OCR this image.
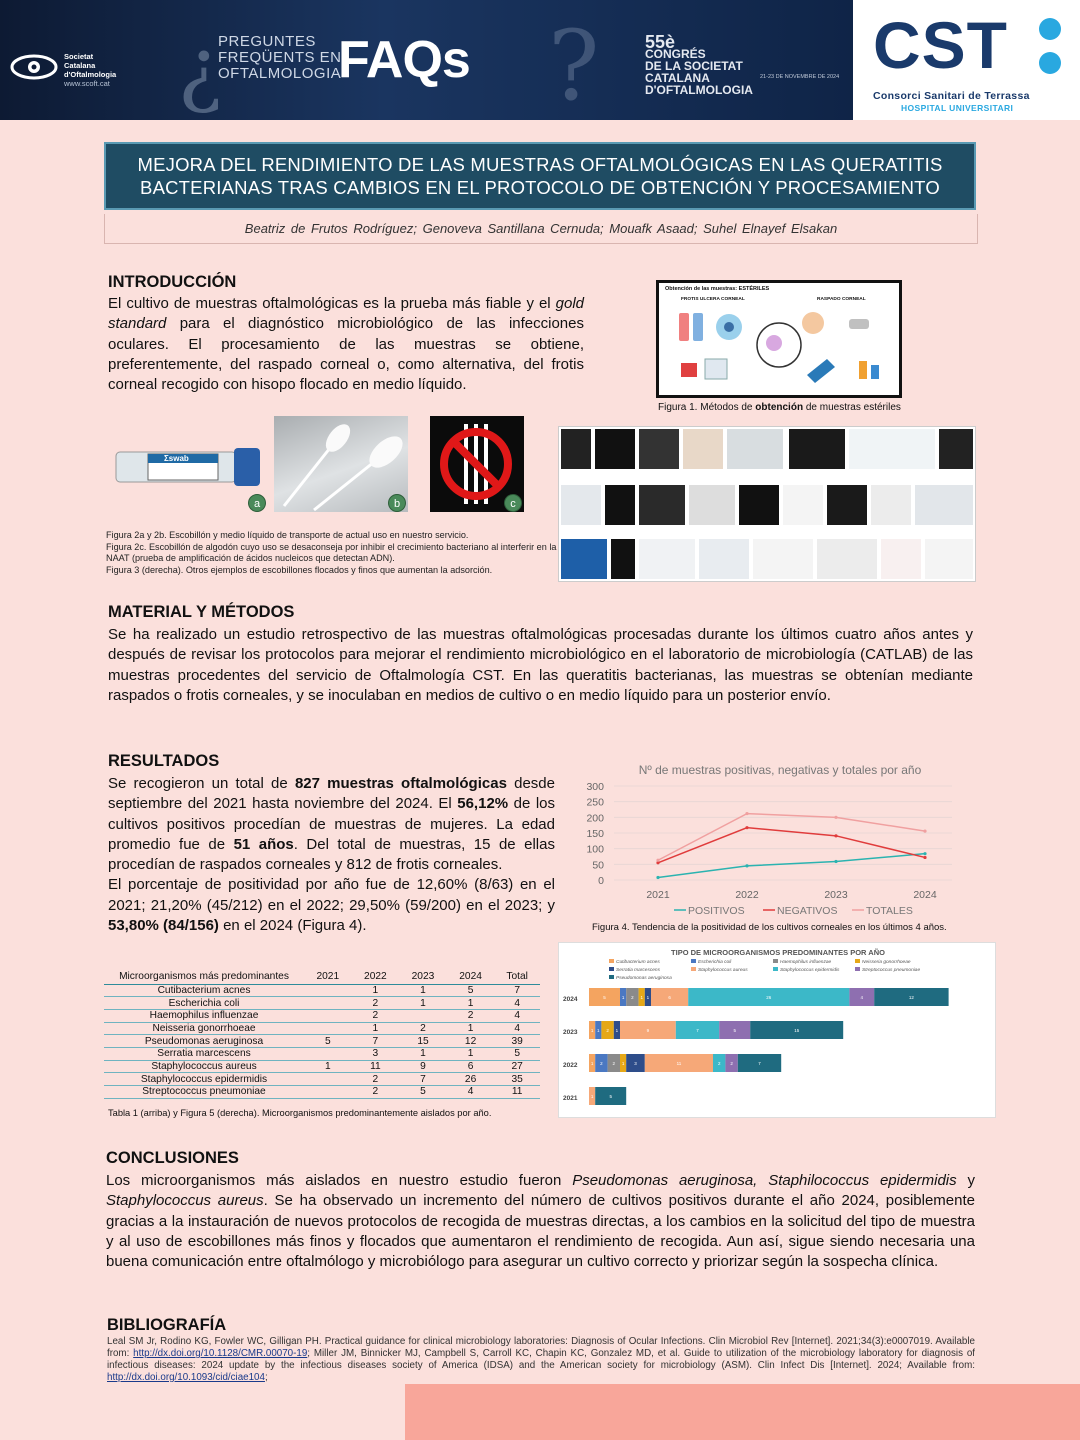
Societat
Catalana
d'Oftalmologia
www.scoft.cat ¿
PREGUNTES
FREQÜENTS EN
OFTALMOLOGIA
FAQs ?	55è
CONGRÉS
DE LA SOCIETAT
CATALANA
D'OFTALMOLOGIA
21-23 DE NOVEMBRE DE 2024 CST
Consorci Sanitari de Terrassa
HOSPITAL UNIVERSITARI
MEJORA DEL RENDIMIENTO DE LAS MUESTRAS OFTALMOLÓGICAS EN LAS QUERATITIS
BACTERIANAS TRAS CAMBIOS EN EL PROTOCOLO DE OBTENCIÓN Y PROCESAMIENTO
Beatriz de Frutos Rodríguez; Genoveva Santillana Cernuda; Mouafk Asaad; Suhel Elnayef Elsakan
INTRODUCCIÓN
El cultivo de muestras oftalmológicas es la prueba más fiable y el gold standard para el diagnóstico microbiológico de las infecciones oculares. El procesamiento de las muestras se obtiene, preferentemente, del raspado corneal o, como alternativa, del frotis corneal recogido con hisopo flocado en medio líquido.
Obtención de las muestras: ESTÉRILES
FROTIS ULCERA CORNEAL	RASPADO CORNEAL
Figura 1. Métodos de obtención de muestras estériles
Σswab
a	b	c
Figura 2a y 2b. Escobillón y medio líquido de transporte de actual uso en nuestro servicio.
Figura 2c. Escobillón de algodón cuyo uso se desaconseja por inhibir el crecimiento bacteriano al interferir en la NAAT (prueba de amplificación de ácidos nucleicos que detectan ADN).
Figura 3 (derecha). Otros ejemplos de escobillones flocados y finos que aumentan la adsorción.
MATERIAL Y MÉTODOS
Se ha realizado un estudio retrospectivo de las muestras oftalmológicas procesadas durante los últimos cuatro años antes y después de revisar los protocolos para mejorar el rendimiento microbiológico en el laboratorio de microbiología (CATLAB) de las muestras procedentes del servicio de Oftalmología CST. En las queratitis bacterianas, las muestras se obtenían mediante raspados o frotis corneales, y se inoculaban en medios de cultivo o en medio líquido para un posterior envío.
RESULTADOS
Se recogieron un total de 827 muestras oftalmológicas desde septiembre del 2021 hasta noviembre del 2024. El 56,12% de los cultivos positivos procedían de muestras de mujeres. La edad promedio fue de 51 años. Del total de muestras, 15 de ellas procedían de raspados corneales y 812 de frotis corneales.
El porcentaje de positividad por año fue de 12,60% (8/63) en el 2021; 21,20% (45/212) en el 2022; 29,50% (59/200) en el 2023; y 53,80% (84/156) en el 2024 (Figura 4).
Nº de muestras positivas, negativas y totales por año
0
50
100
150
200
250
300
2021	2022	2023	2024
POSITIVOS	NEGATIVOS	TOTALES
Figura 4. Tendencia de la positividad de los cultivos corneales en los últimos 4 años.
Microorganismos más predominantes	2021	2022	2023	2024	Total
Cutibacterium acnes		1	1	5	7
Escherichia coli		2	1	1	4
Haemophilus influenzae		2		2	4
Neisseria gonorrhoeae		1	2	1	4
Pseudomonas aeruginosa	5	7	15	12	39
Serratia marcescens		3	1	1	5
Staphylococcus aureus	1	11	9	6	27
Staphylococcus epidermidis		2	7	26	35
Streptococcus pneumoniae		2	5	4	11
Tabla 1 (arriba) y Figura 5 (derecha). Microorganismos predominantemente aislados por año.
TIPO DE MICROORGANISMOS PREDOMINANTES POR AÑO
Cutibacterium acnes	Escherichia coli	Haemophilus influenzae	Neisseria gonorrhoeae
Serratia marcescens	Staphylococcus aureus	Staphylococcus epidermidis	Streptococcus pneumoniae
Pseudomonas aeruginosa
2024	5	1 2 1 1	6	26	4	12
2023	1 1 2 1	9	7	5	15
2022	1 2 2 1 3	11	2 2	7
2021	1	5
CONCLUSIONES
Los microorganismos más aislados en nuestro estudio fueron Pseudomonas aeruginosa, Staphilococcus epidermidis y Staphylococcus aureus. Se ha observado un incremento del número de cultivos positivos durante el año 2024, posiblemente gracias a la instauración de nuevos protocolos de recogida de muestras directas, a los cambios en la solicitud del tipo de muestra y al uso de escobillones más finos y flocados que aumentaron el rendimiento de recogida. Aun así, sigue siendo necesaria una buena comunicación entre oftalmólogo y microbiólogo para asegurar un cultivo correcto y priorizar según la sospecha clínica.
BIBLIOGRAFÍA
Leal SM Jr, Rodino KG, Fowler WC, Gilligan PH. Practical guidance for clinical microbiology laboratories: Diagnosis of Ocular Infections. Clin Microbiol Rev [Internet]. 2021;34(3):e0007019. Available from: http://dx.doi.org/10.1128/CMR.00070-19; Miller JM, Binnicker MJ, Campbell S, Carroll KC, Chapin KC, Gonzalez MD, et al. Guide to utilization of the microbiology laboratory for diagnosis of infectious diseases: 2024 update by the infectious diseases society of America (IDSA) and the American society for microbiology (ASM). Clin Infect Dis [Internet]. 2024; Available from: http://dx.doi.org/10.1093/cid/ciae104;
